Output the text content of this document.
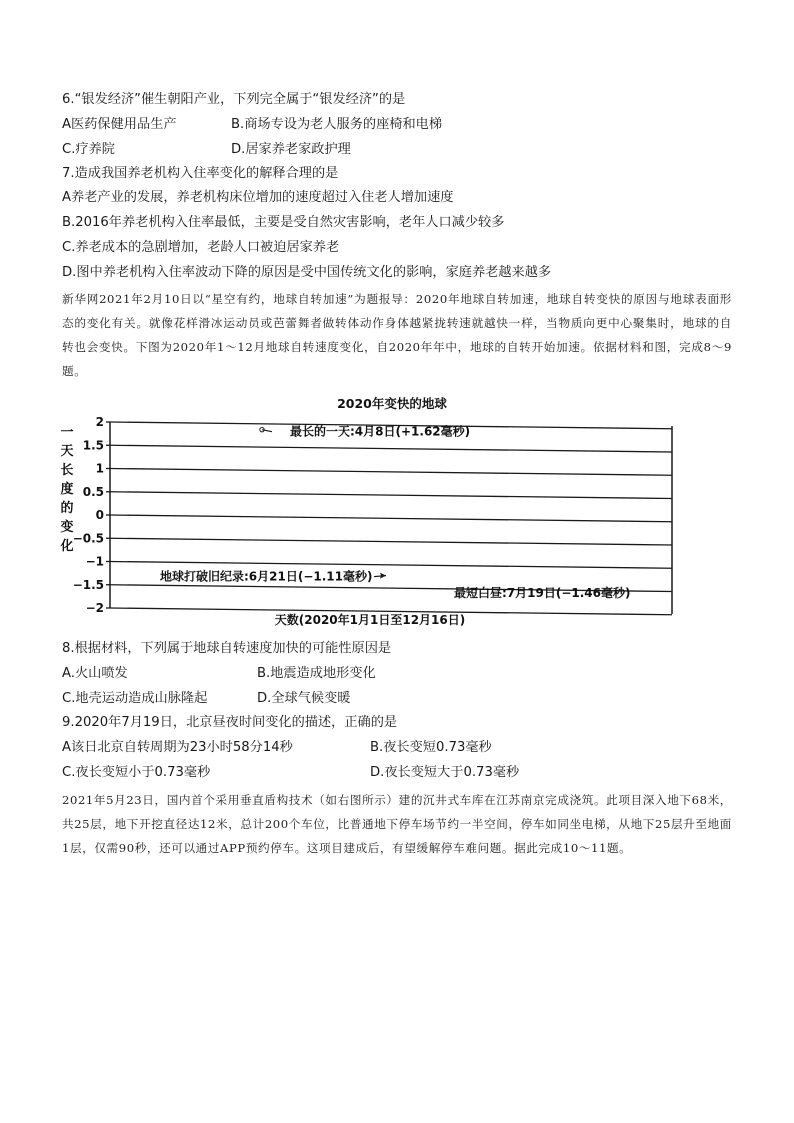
6.“银发经济”催生朝阳产业，下列完全属于“银发经济”的是
A医药保健用品生产	B.商场专设为老人服务的座椅和电梯
C.疗养院	D.居家养老家政护理
7.造成我国养老机构入住率变化的解释合理的是
A养老产业的发展，养老机构床位增加的速度超过入住老人增加速度
B.2016年养老机构入住率最低，主要是受自然灾害影响，老年人口减少较多
C.养老成本的急剧增加，老龄人口被迫居家养老
D.图中养老机构入住率波动下降的原因是受中国传统文化的影响，家庭养老越来越多
新华网2021年2月10日以“星空有约，地球自转加速”为题报导：2020年地球自转加速，地球自转变快的原因与地球表面形态的变化有关。就像花样滑冰运动员或芭蕾舞者做转体动作身体越紧拢转速就越快一样，当物质向更中心聚集时，地球的自转也会变快。下图为2020年1～12月地球自转速度变化，自2020年年中，地球的自转开始加速。依据材料和图，完成8～9题。
2020年变快的地球
一
天
长
度
的
变
化
2
1.5
1
0.5
0
−0.5
−1
−1.5
−2
最长的一天:4月8日(+1.62毫秒)
地球打破旧纪录:6月21日(−1.11毫秒)
最短白昼:7月19日(−1.46毫秒)
天数(2020年1月1日至12月16日)
8.根据材料，下列属于地球自转速度加快的可能性原因是
A.火山喷发	B.地震造成地形变化
C.地壳运动造成山脉隆起	D.全球气候变暖
9.2020年7月19日，北京昼夜时间变化的描述，正确的是
A该日北京自转周期为23小时58分14秒	B.夜长变短0.73毫秒
C.夜长变短小于0.73毫秒	D.夜长变短大于0.73毫秒
2021年5月23日，国内首个采用垂直盾构技术（如右图所示）建的沉井式车库在江苏南京完成浇筑。此项目深入地下68米，共25层，地下开挖直径达12米，总计200个车位，比普通地下停车场节约一半空间，停车如同坐电梯，从地下25层升至地面1层，仅需90秒，还可以通过APP预约停车。这项目建成后，有望缓解停车难问题。据此完成10～11题。
